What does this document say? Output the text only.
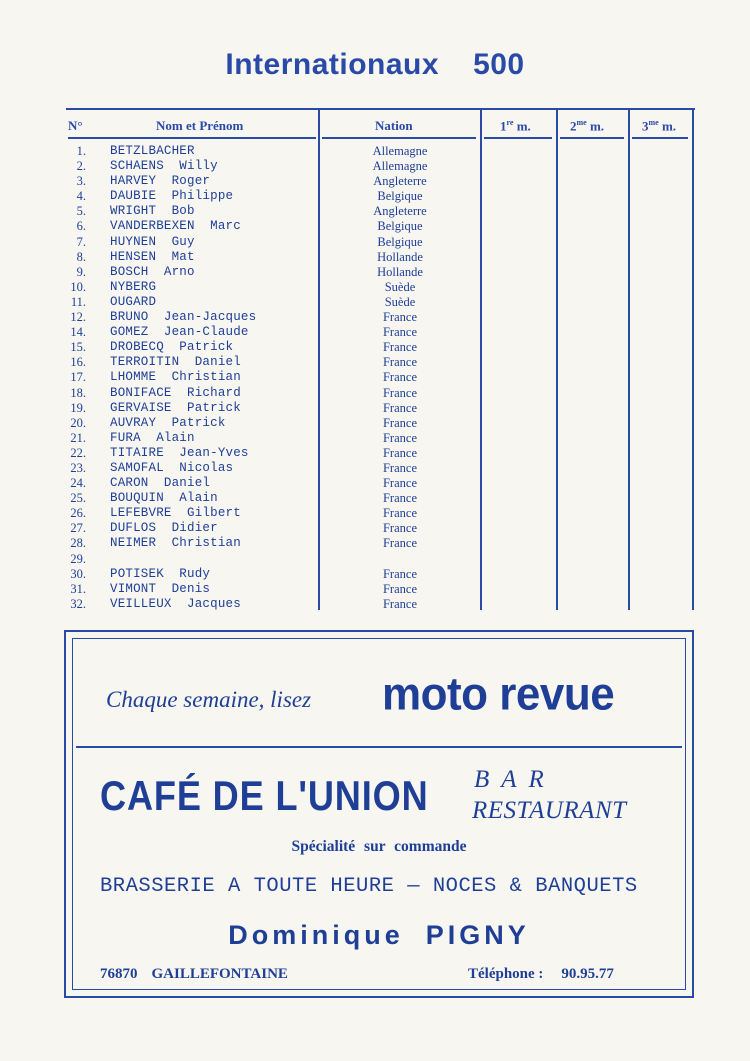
Internationaux 500
N°	Nom et Prénom	Nation	1re m.	$2^{me}$ m.	$3^{me}$ m.
1. BETZLBACHER	Allemagne
2. SCHAENS  Willy	Allemagne
3. HARVEY  Roger	Angleterre
4. DAUBIE  Philippe	Belgique
5. WRIGHT  Bob	Angleterre
6. VANDERBEXEN  Marc	Belgique
7. HUYNEN  Guy	Belgique
8. HENSEN  Mat	Hollande
9. BOSCH  Arno	Hollande
10. NYBERG	Suède
11. OUGARD	Suède
12. BRUNO  Jean-Jacques	France
14. GOMEZ  Jean-Claude	France
15. DROBECQ  Patrick	France
16. TERROITIN  Daniel	France
17. LHOMME  Christian	France
18. BONIFACE  Richard	France
19. GERVAISE  Patrick	France
20. AUVRAY  Patrick	France
21. FURA  Alain	France
22. TITAIRE  Jean-Yves	France
23. SAMOFAL  Nicolas	France
24. CARON  Daniel	France
25. BOUQUIN  Alain	France
26. LEFEBVRE  Gilbert	France
27. DUFLOS  Didier	France
28. NEIMER  Christian	France
29.
30. POTISEK  Rudy	France
31. VIMONT  Denis	France
32. VEILLEUX  Jacques	France
Chaque semaine, lisez moto revue
CAFÉ DE L'UNION BAR
RESTAURANT
Spécialité sur commande
BRASSERIE A TOUTE HEURE — NOCES & BANQUETS
Dominique PIGNY
76870 GAILLEFONTAINE	Téléphone : 90.95.77
